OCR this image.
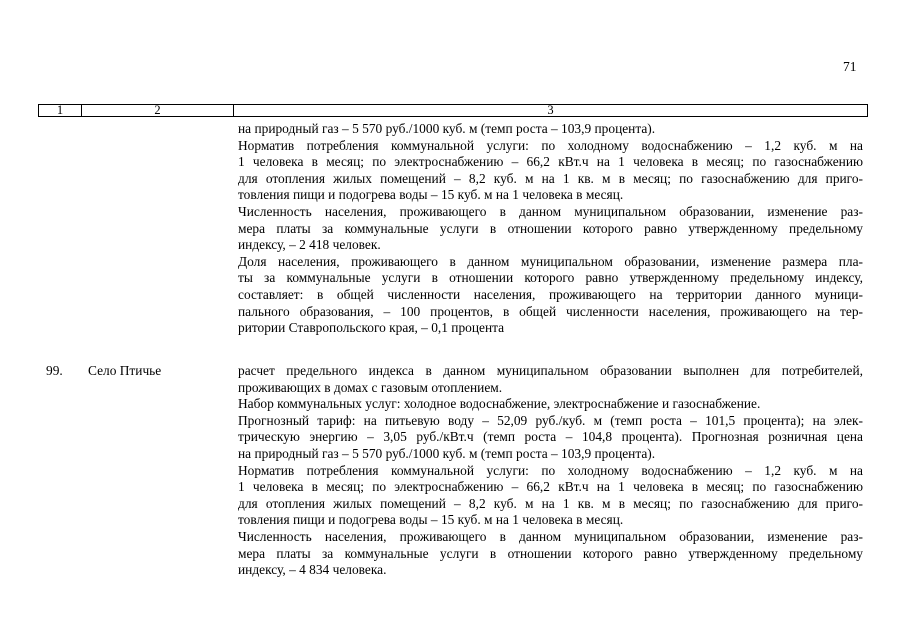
71
1	2	3
на природный газ – 5 570 руб./1000 куб. м (темп роста – 103,9 процента).
Норматив потребления коммунальной услуги: по холодному водоснабжению – 1,2 куб. м на
1 человека в месяц; по электроснабжению – 66,2 кВт.ч на 1 человека в месяц; по газоснабжению
для отопления жилых помещений – 8,2 куб. м на 1 кв. м в месяц; по газоснабжению для приго-
товления пищи и подогрева воды – 15 куб. м на 1 человека в месяц.
Численность населения, проживающего в данном муниципальном образовании, изменение раз-
мера платы за коммунальные услуги в отношении которого равно утвержденному предельному
индексу, – 2 418 человек.
Доля населения, проживающего в данном муниципальном образовании, изменение размера пла-
ты за коммунальные услуги в отношении которого равно утвержденному предельному индексу,
составляет: в общей численности населения, проживающего на территории данного муници-
пального образования, – 100 процентов, в общей численности населения, проживающего на тер-
ритории Ставропольского края, – 0,1 процента
99. Село Птичье	расчет предельного индекса в данном муниципальном образовании выполнен для потребителей,
проживающих в домах с газовым отоплением.
Набор коммунальных услуг: холодное водоснабжение, электроснабжение и газоснабжение.
Прогнозный тариф: на питьевую воду – 52,09 руб./куб. м (темп роста – 101,5 процента); на элек-
трическую энергию – 3,05 руб./кВт.ч (темп роста – 104,8 процента). Прогнозная розничная цена
на природный газ – 5 570 руб./1000 куб. м (темп роста – 103,9 процента).
Норматив потребления коммунальной услуги: по холодному водоснабжению – 1,2 куб. м на
1 человека в месяц; по электроснабжению – 66,2 кВт.ч на 1 человека в месяц; по газоснабжению
для отопления жилых помещений – 8,2 куб. м на 1 кв. м в месяц; по газоснабжению для приго-
товления пищи и подогрева воды – 15 куб. м на 1 человека в месяц.
Численность населения, проживающего в данном муниципальном образовании, изменение раз-
мера платы за коммунальные услуги в отношении которого равно утвержденному предельному
индексу, – 4 834 человека.
